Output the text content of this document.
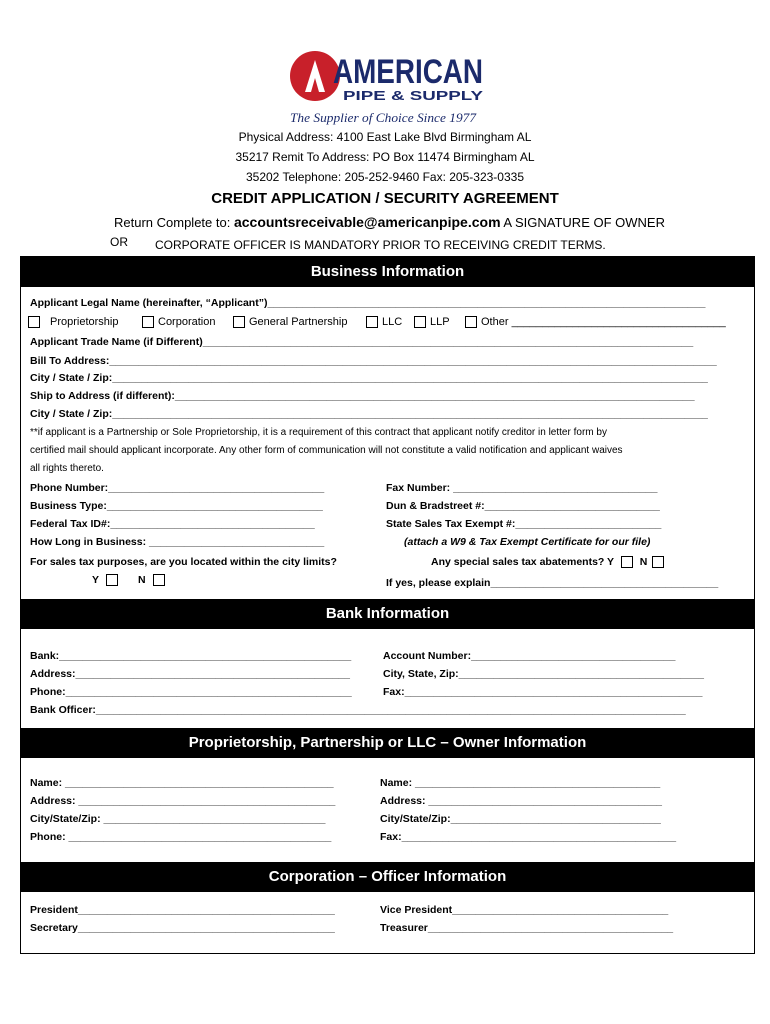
AMERICAN
PIPE & SUPPLY
The Supplier of Choice Since 1977
Physical Address: 4100 East Lake Blvd Birmingham AL
35217 Remit To Address: PO Box 11474 Birmingham AL
35202 Telephone: 205-252-9460 Fax: 205-323-0335
CREDIT APPLICATION / SECURITY AGREEMENT
Return Complete to: accountsreceivable@americanpipe.com A SIGNATURE OF OWNER
OR CORPORATE OFFICER IS MANDATORY PRIOR TO RECEIVING CREDIT TERMS.
Business Information
Applicant Legal Name (hereinafter, “Applicant”)___________________________________________________________________________
Proprietorship	Corporation	General Partnership	LLC	LLP	Other ___________________________________
Applicant Trade Name (if Different)____________________________________________________________________________________
Bill To Address:________________________________________________________________________________________________________
City / State / Zip:______________________________________________________________________________________________________
Ship to Address (if different):_________________________________________________________________________________________
City / State / Zip:______________________________________________________________________________________________________
**if applicant is a Partnership or Sole Proprietorship, it is a requirement of this contract that applicant notify creditor in letter form by
certified mail should applicant incorporate. Any other form of communication will not constitute a valid notification and applicant waives
all rights thereto.
Phone Number:_____________________________________	Fax Number: ___________________________________
Business Type:_____________________________________	Dun & Bradstreet #:______________________________
Federal Tax ID#:___________________________________	State Sales Tax Exempt #:_________________________
How Long in Business: ______________________________	(attach a W9 & Tax Exempt Certificate for our file)
For sales tax purposes, are you located within the city limits?
Y	N
Any special sales tax abatements? Y N
If yes, please explain_______________________________________
Bank Information
Bank:__________________________________________________	Account Number:___________________________________
Address:_______________________________________________	City, State, Zip:__________________________________________
Phone:_________________________________________________	Fax:___________________________________________________
Bank Officer:_____________________________________________________________________________________________________
Proprietorship, Partnership or LLC – Owner Information
Name: ______________________________________________	Name: __________________________________________
Address: ____________________________________________	Address: ________________________________________
City/State/Zip: ______________________________________	City/State/Zip:____________________________________
Phone: _____________________________________________	Fax:_______________________________________________
Corporation – Officer Information
President____________________________________________	Vice President_____________________________________
Secretary____________________________________________	Treasurer__________________________________________
